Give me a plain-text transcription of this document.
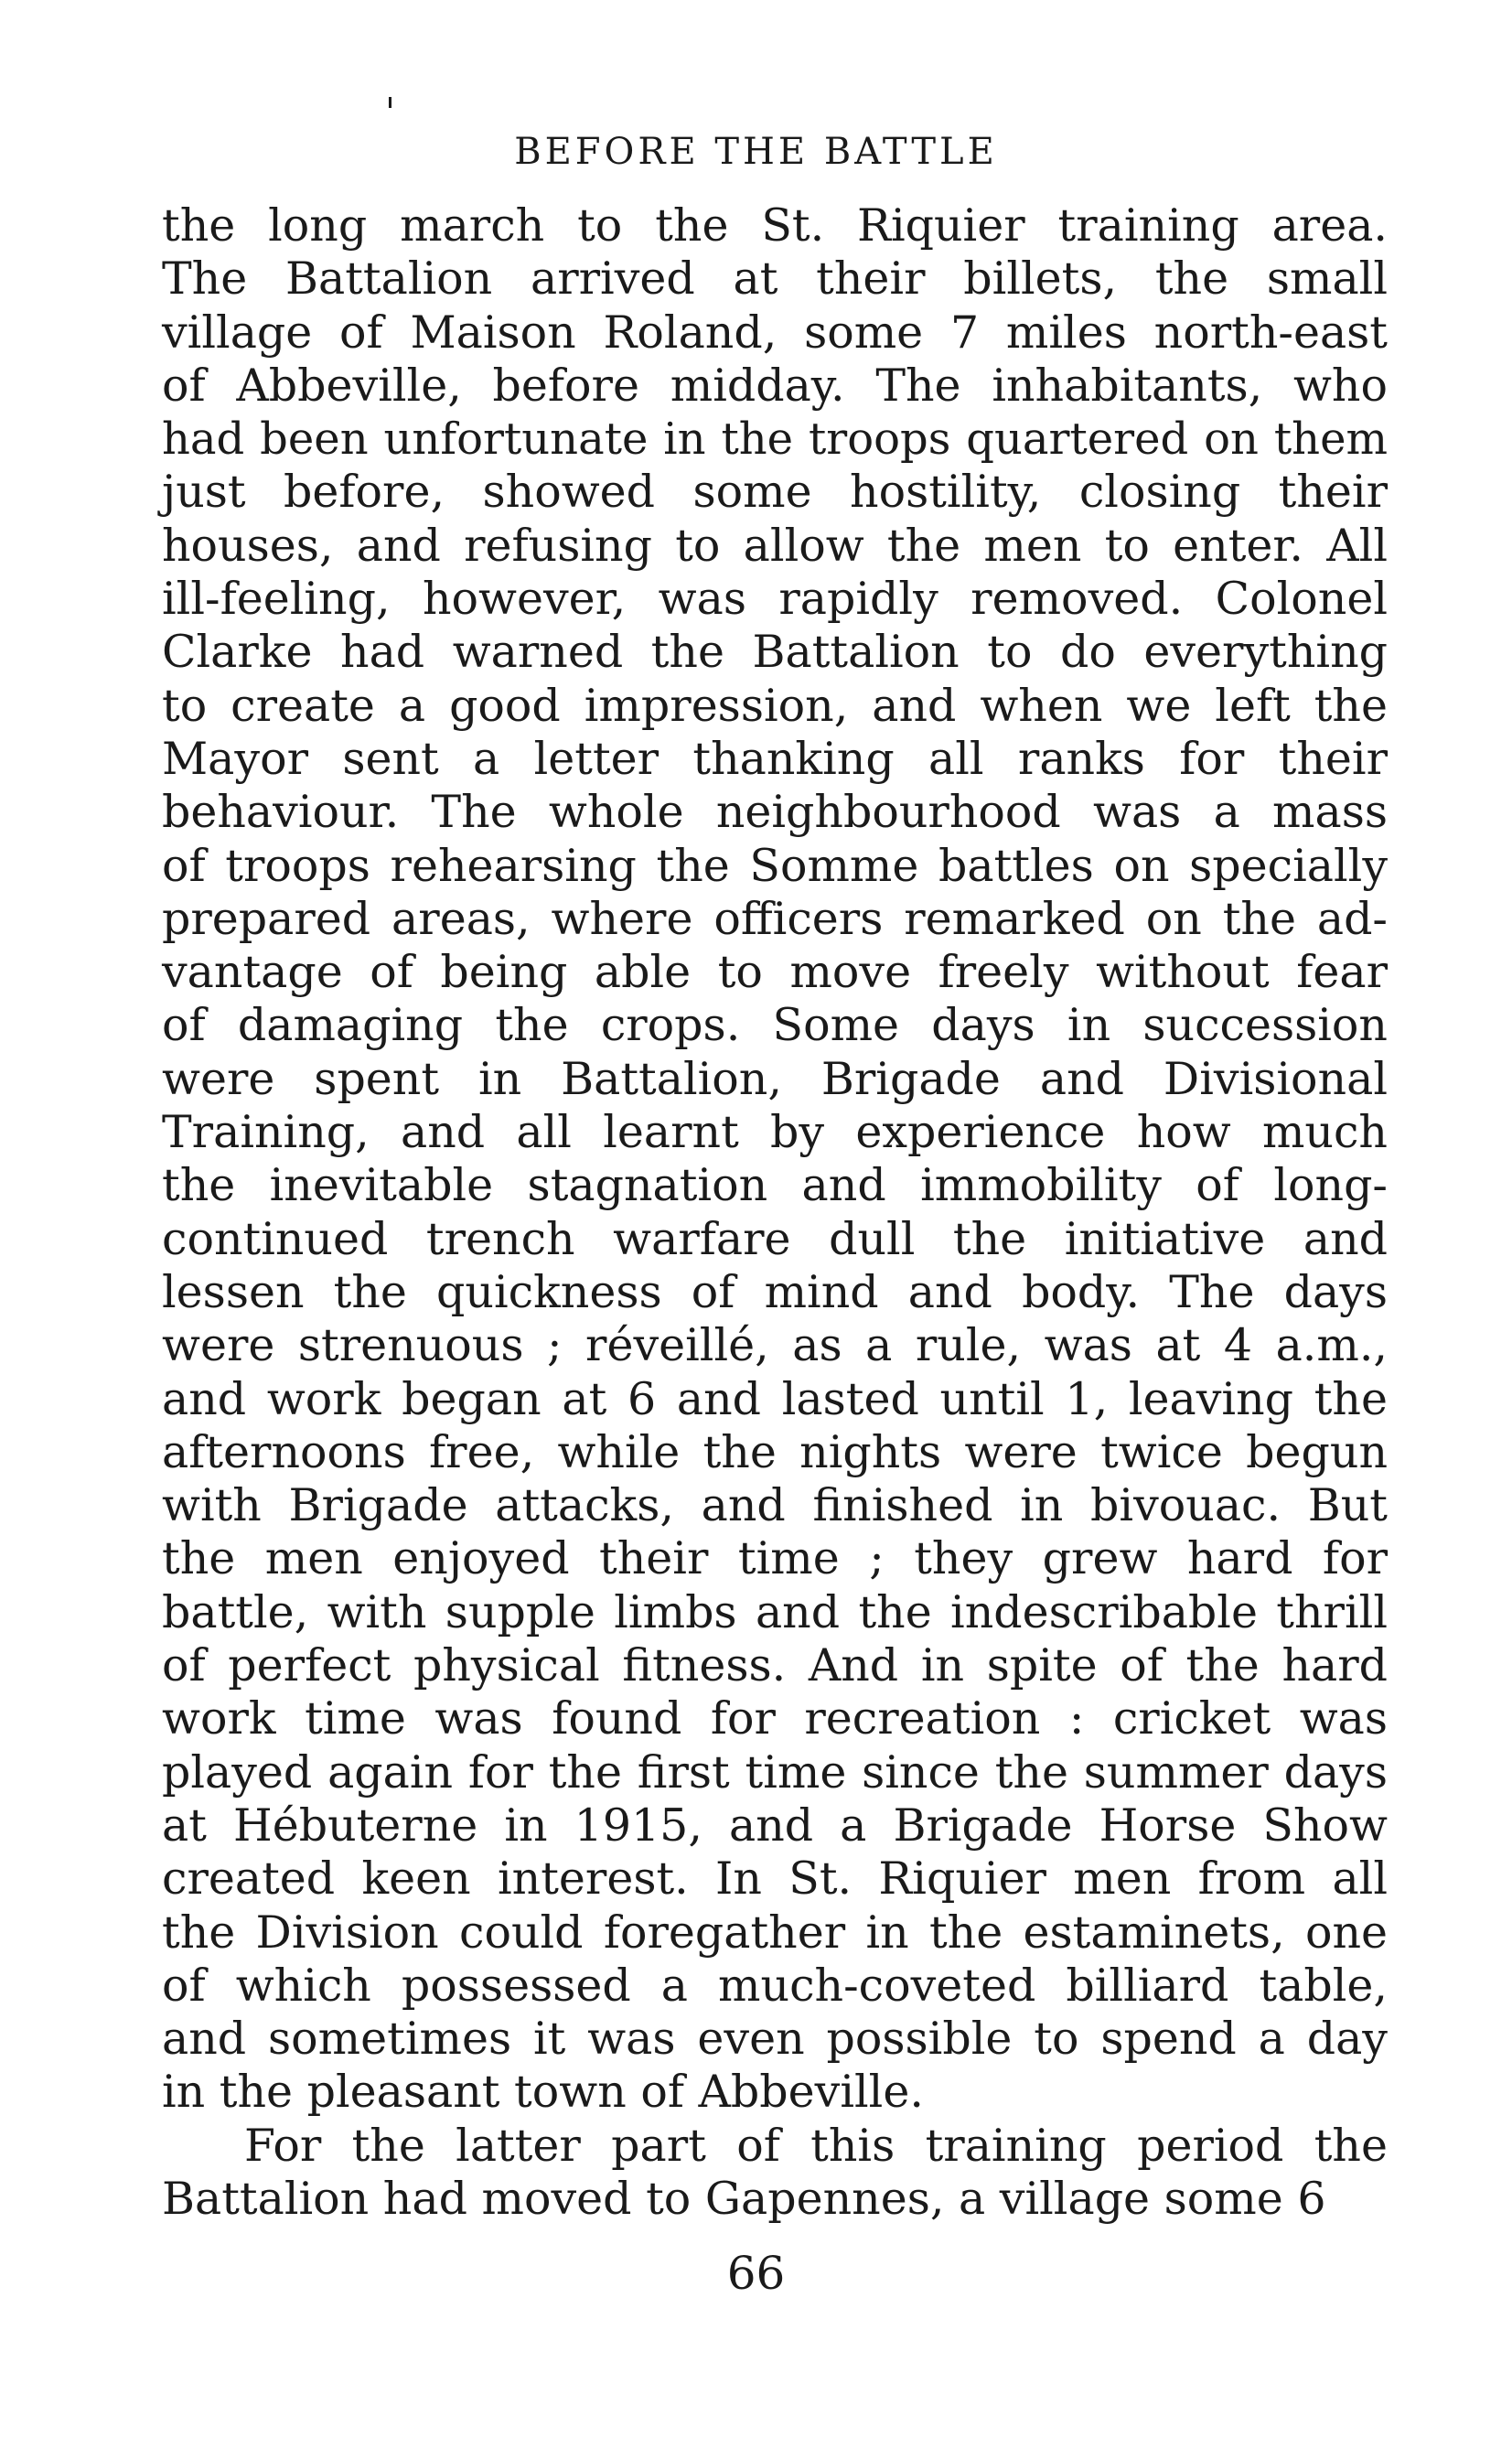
BEFORE THE BATTLE
the long march to the St. Riquier training area.
The Battalion arrived at their billets, the small
village of Maison Roland, some 7 miles north-east
of Abbeville, before midday. The inhabitants, who
had been unfortunate in the troops quartered on them
just before, showed some hostility, closing their
houses, and refusing to allow the men to enter. All
ill-feeling, however, was rapidly removed. Colonel
Clarke had warned the Battalion to do everything
to create a good impression, and when we left the
Mayor sent a letter thanking all ranks for their
behaviour. The whole neighbourhood was a mass
of troops rehearsing the Somme battles on specially
prepared areas, where officers remarked on the ad-
vantage of being able to move freely without fear
of damaging the crops. Some days in succession
were spent in Battalion, Brigade and Divisional
Training, and all learnt by experience how much
the inevitable stagnation and immobility of long-
continued trench warfare dull the initiative and
lessen the quickness of mind and body. The days
were strenuous ; réveillé, as a rule, was at 4 a.m.,
and work began at 6 and lasted until 1, leaving the
afternoons free, while the nights were twice begun
with Brigade attacks, and finished in bivouac. But
the men enjoyed their time ; they grew hard for
battle, with supple limbs and the indescribable thrill
of perfect physical fitness. And in spite of the hard
work time was found for recreation : cricket was
played again for the first time since the summer days
at Hébuterne in 1915, and a Brigade Horse Show
created keen interest. In St. Riquier men from all
the Division could foregather in the estaminets, one
of which possessed a much-coveted billiard table,
and sometimes it was even possible to spend a day
in the pleasant town of Abbeville.
For the latter part of this training period the
Battalion had moved to Gapennes, a village some 6
66
